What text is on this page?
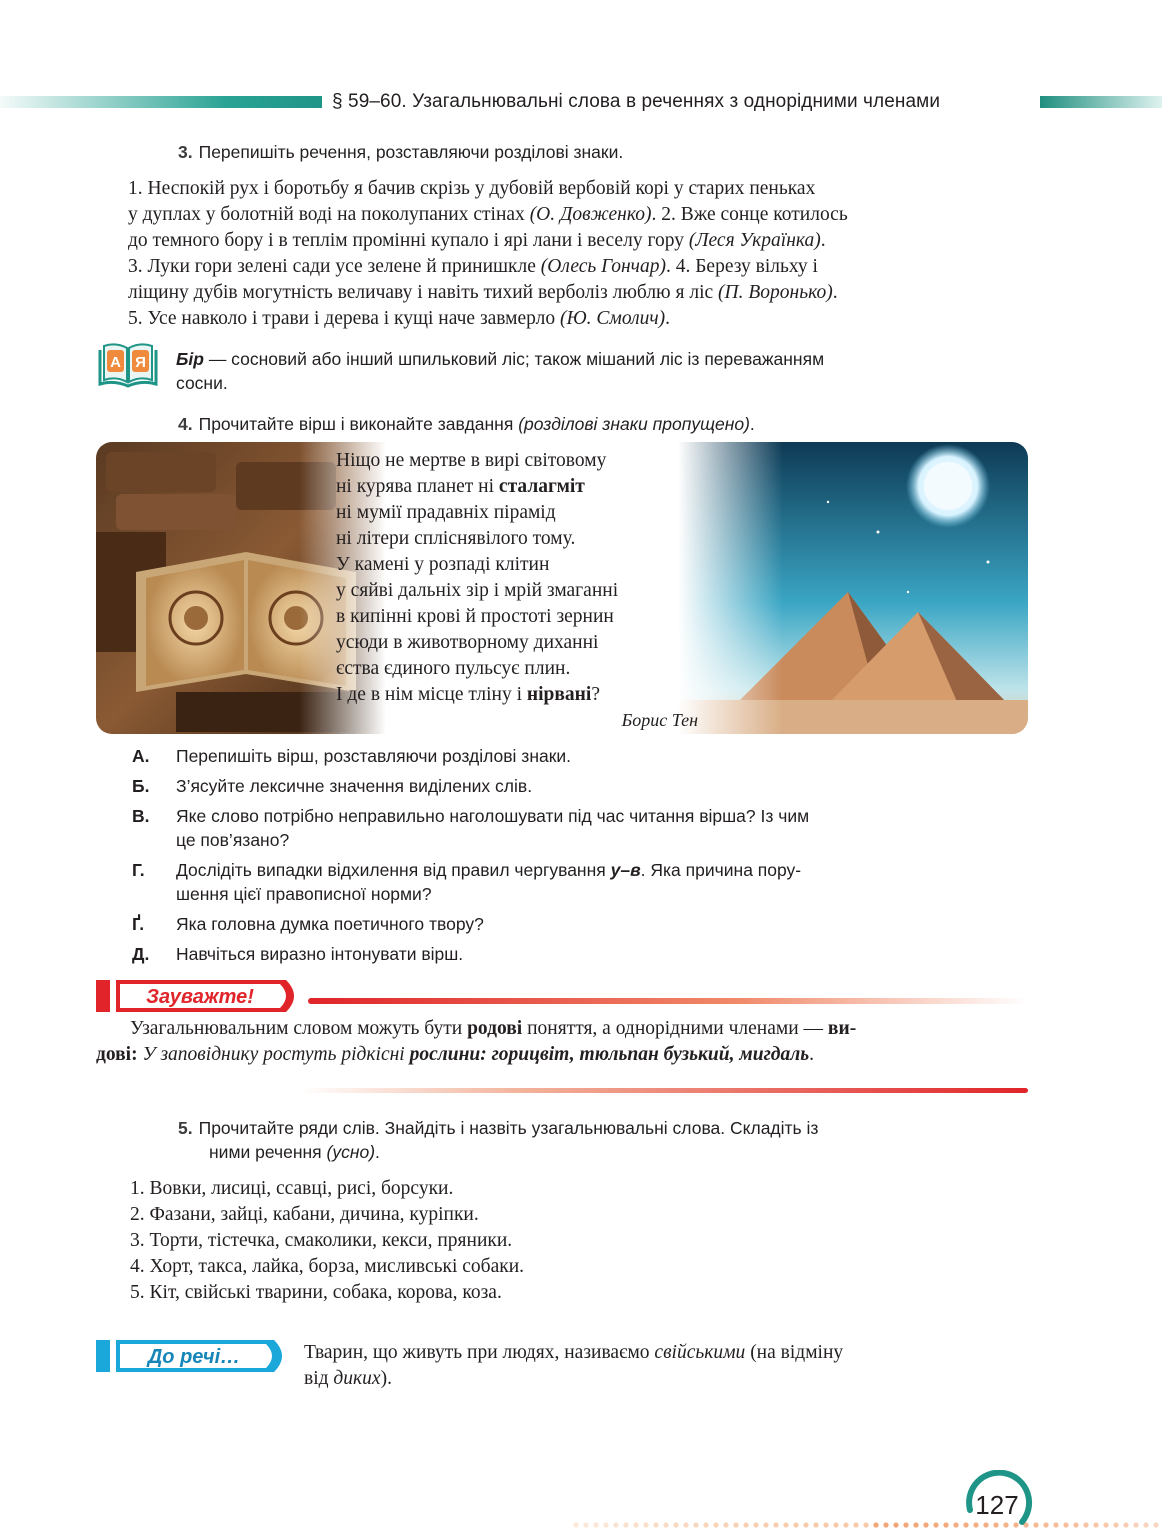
§ 59–60. Узагальнювальні слова в реченнях з однорідними членами
3. Перепишіть речення, розставляючи розділові знаки.
1. Неспокій рух і боротьбу я бачив скрізь у дубовій вербовій корі у старих пеньках
у дуплах у болотній воді на поколупаних стінах (О. Довженко). 2. Вже сонце котилось
до темного бору і в теплім промінні купало і ярі лани і веселу гору (Леся Українка).
3. Луки гори зелені сади усе зелене й принишкле (Олесь Гончар). 4. Березу вільху і
ліщину дубів могутність величаву і навіть тихий верболіз люблю я ліс (П. Воронько).
5. Усе навколо і трави і дерева і кущі наче завмерло (Ю. Смолич).
А Я Бір — сосновий або інший шпильковий ліс; також мішаний ліс із переважанням
сосни.
4. Прочитайте вірш і виконайте завдання (розділові знаки пропущено).
Ніщо не мертве в вирі світовому
ні курява планет ні сталагміт
ні мумії прадавніх пірамід
ні літери спліснявілого тому.
У камені у розпаді клітин
у сяйві дальніх зір і мрій змаганні
в кипінні крові й простоті зернин
усюди в животворному диханні
єства єдиного пульсує плин.
І де в нім місце тліну і нірвані?
Борис Тен
А. Перепишіть вірш, розставляючи розділові знаки.
Б. З’ясуйте лексичне значення виділених слів.
В. Яке слово потрібно неправильно наголошувати під час читання вірша? Із чим
це пов’язано?
Г. Дослідіть випадки відхилення від правил чергування у–в. Яка причина пору-
шення цієї правописної норми?
Ґ. Яка головна думка поетичного твору?
Д. Навчіться виразно інтонувати вірш.
Зауважте!
Узагальнювальним словом можуть бути родові поняття, а однорідними членами — ви-
дові: У заповіднику ростуть рідкісні рослини: горицвіт, тюльпан бузький, мигдаль.
5. Прочитайте ряди слів. Знайдіть і назвіть узагальнювальні слова. Складіть із
ними речення (усно).
1. Вовки, лисиці, ссавці, рисі, борсуки.
2. Фазани, зайці, кабани, дичина, куріпки.
3. Торти, тістечка, смаколики, кекси, пряники.
4. Хорт, такса, лайка, борза, мисливські собаки.
5. Кіт, свійські тварини, собака, корова, коза.
До речі…	Тварин, що живуть при людях, називаємо свійськими (на відміну
від диких).
127
